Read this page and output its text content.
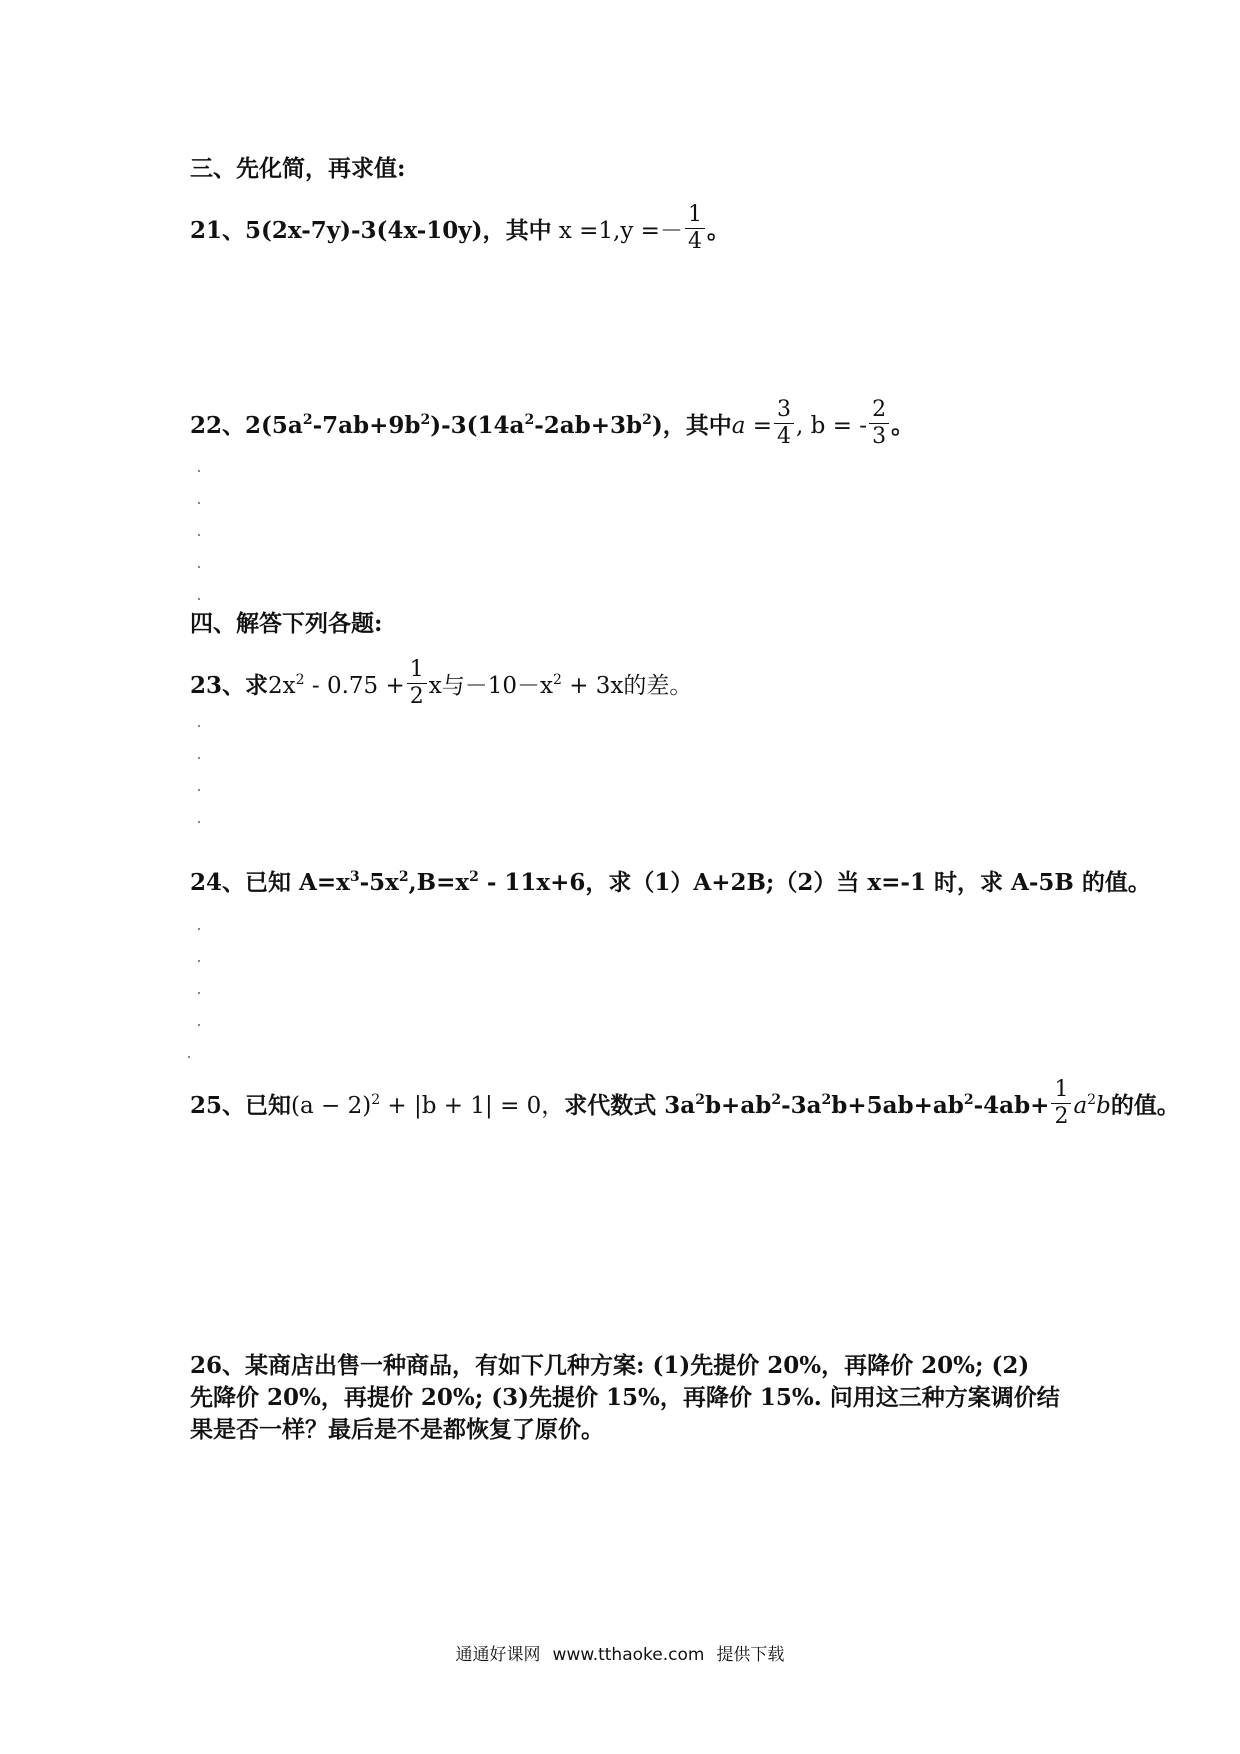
三、先化简，再求值:
21、5(2x-7y)-3(4x-10y)，其中 $x =1,y =- \frac{1}{4}$ 。
22、$2(5a^2-7ab+9b^2)-3(14a^2-2ab+3b^2)$，其中$a = \frac{3}{4}$ , b = - $\frac{2}{3}$ 。
四、解答下列各题:
23、求$2x^2 - 0.75 + \frac{1}{2}$ x与$-10-x^2 + 3x$的差。
24、已知 $A=x^3-5x^2,B=x^2 - 11x+6$，求（1）A+2B;（2）当 x=-1 时，求 A-5B 的值。
25、已知$(a - 2)^2 + |b + 1| = 0$，求代数式 $3a^2b+ab^2-3a^2b+5ab+ab^2-4ab+ \frac{1}{2} a^2b$的值。
26、某商店出售一种商品，有如下几种方案: (1)先提价 20%，再降价 20%; (2)
先降价 20%，再提价 20%; (3)先提价 15%，再降价 15%. 问用这三种方案调价结
果是否一样？最后是不是都恢复了原价。
通通好课网 www.tthaoke.com 提供下载
